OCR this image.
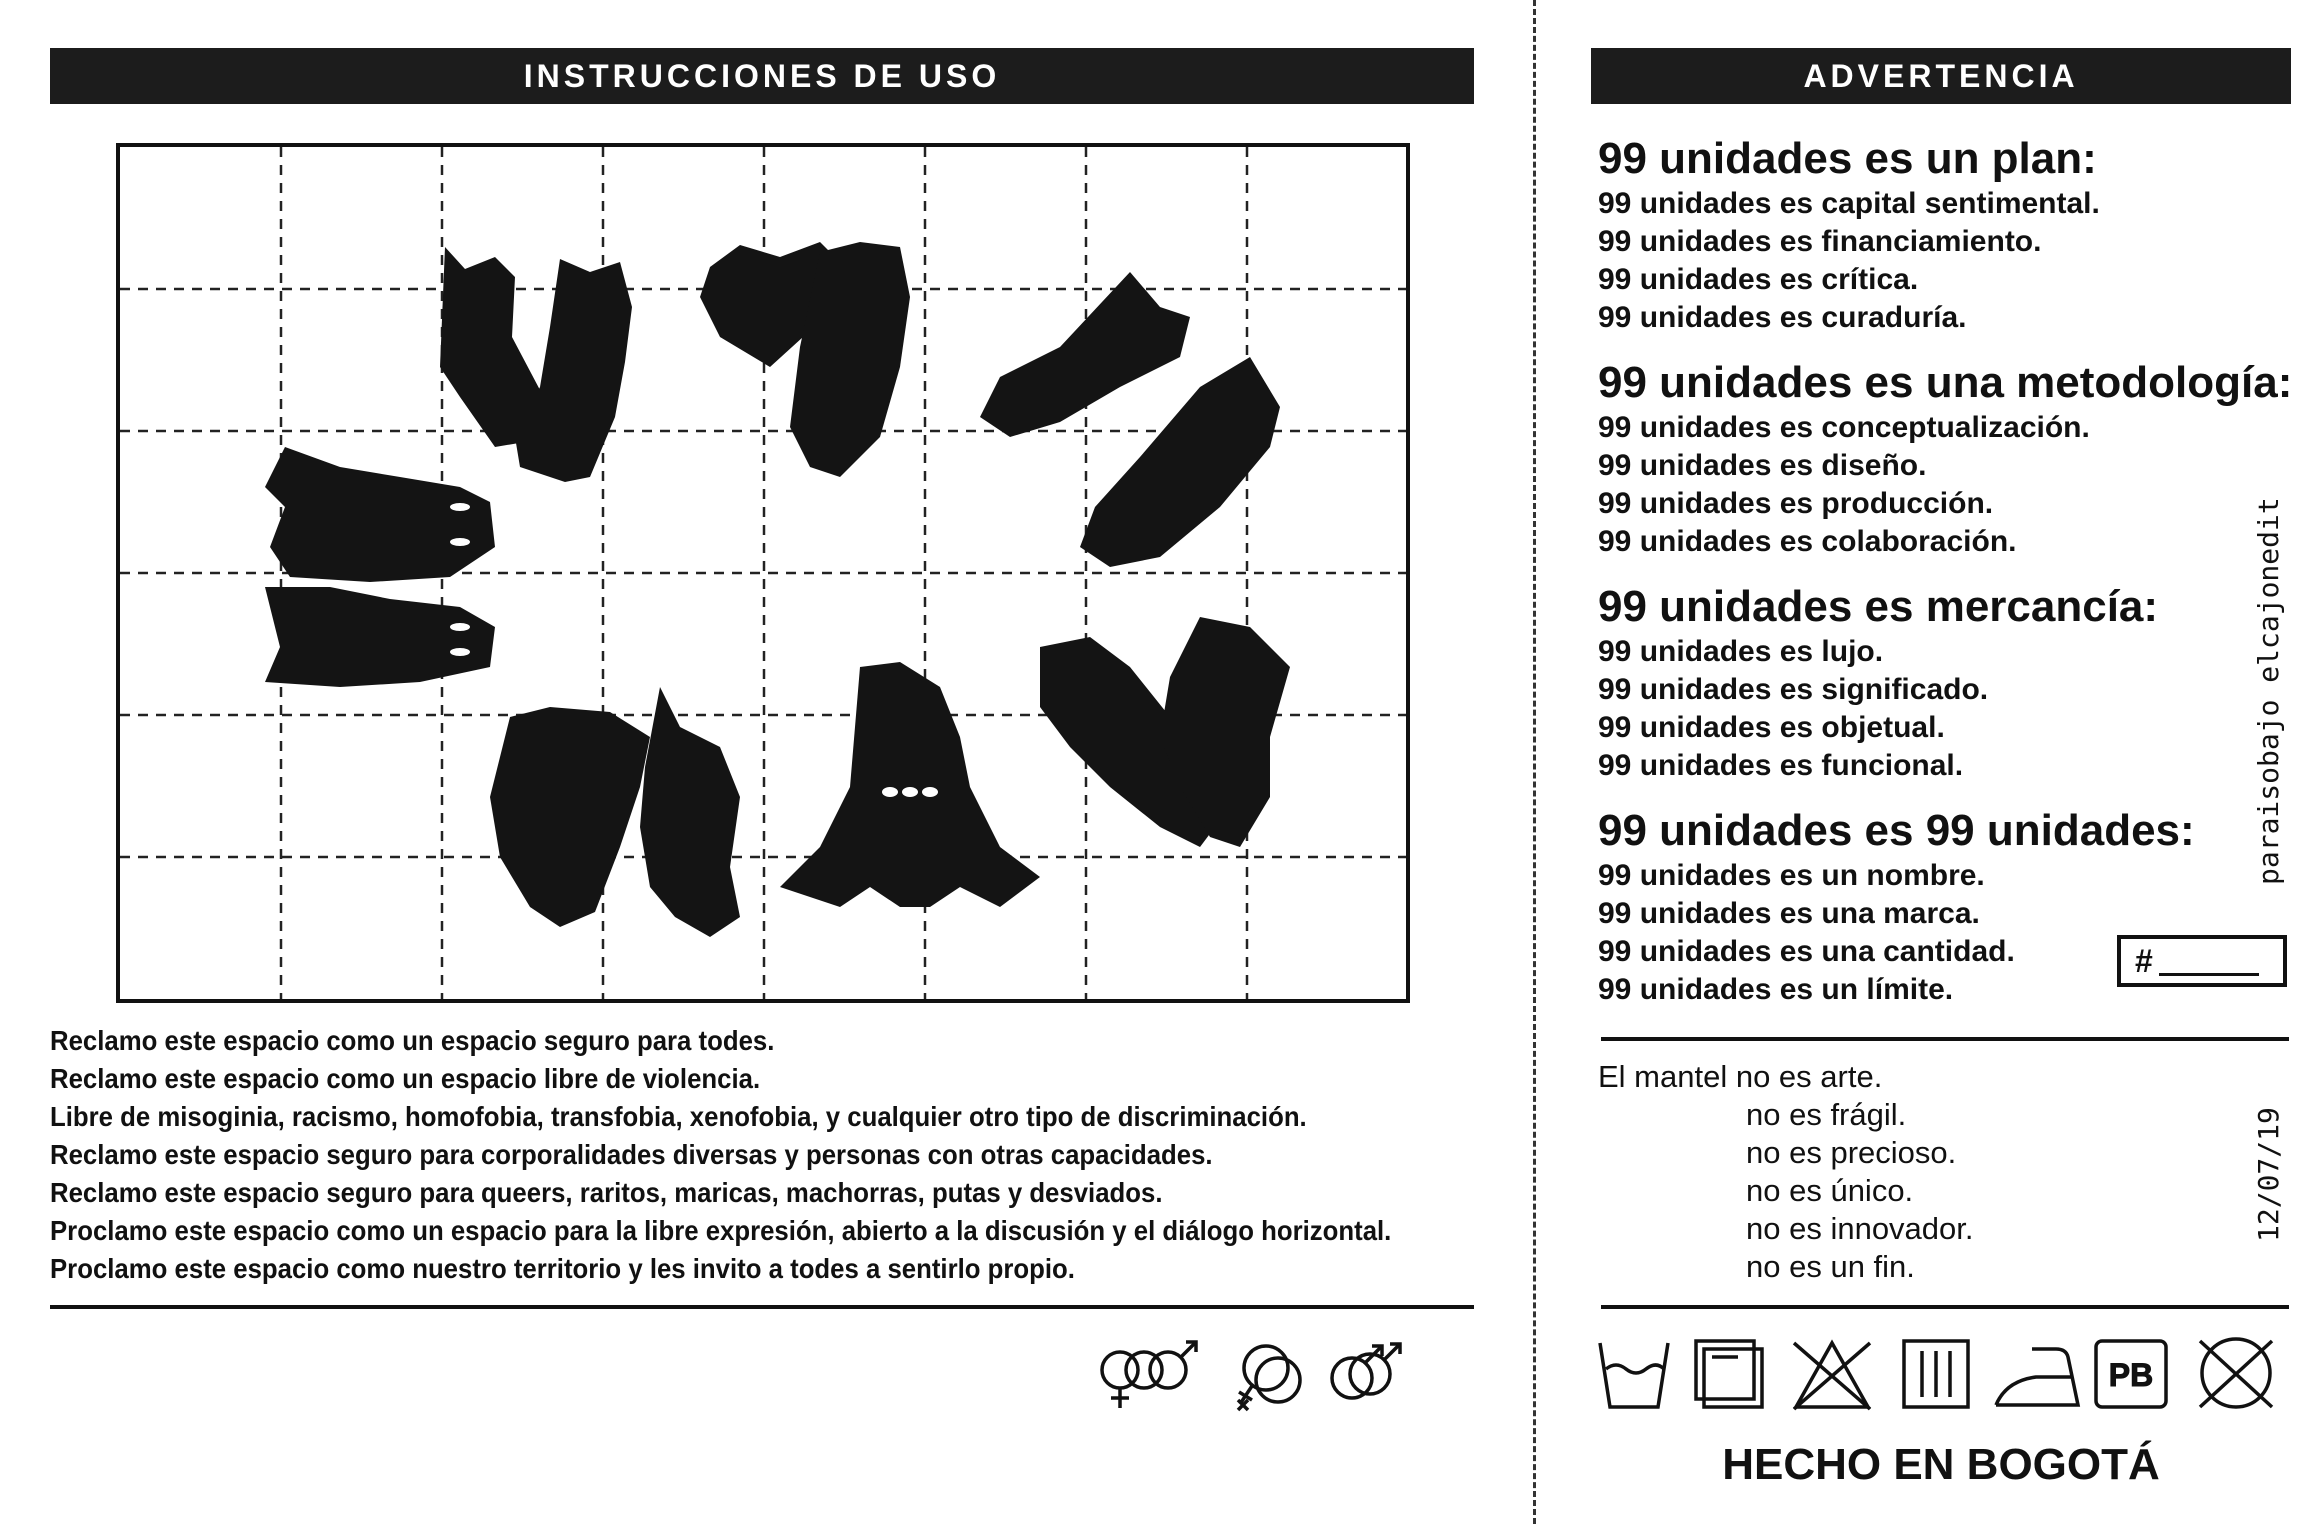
INSTRUCCIONES DE USO	ADVERTENCIA
Reclamo este espacio como un espacio seguro para todes.
Reclamo este espacio como un espacio libre de violencia.
Libre de misoginia, racismo, homofobia, transfobia, xenofobia, y cualquier otro tipo de discriminación.
Reclamo este espacio seguro para corporalidades diversas y personas con otras capacidades.
Reclamo este espacio seguro para queers, raritos, maricas, machorras, putas y desviados.
Proclamo este espacio como un espacio para la libre expresión, abierto a la discusión y el diálogo horizontal.
Proclamo este espacio como nuestro territorio y les invito a todes a sentirlo propio.
99 unidades es un plan:
99 unidades es capital sentimental.
99 unidades es financiamiento.
99 unidades es crítica.
99 unidades es curaduría.
99 unidades es una metodología:
99 unidades es conceptualización.
99 unidades es diseño.
99 unidades es producción.
99 unidades es colaboración.
99 unidades es mercancía:
99 unidades es lujo.
99 unidades es significado.
99 unidades es objetual.
99 unidades es funcional.
99 unidades es 99 unidades:
99 unidades es un nombre.
99 unidades es una marca.
99 unidades es una cantidad.
99 unidades es un límite.
paraisobajo elcajonedit
#
El mantel no es arte.
no es frágil.
no es precioso.
no es único.
no es innovador.
no es un fin.
12/07/19
PB
HECHO EN BOGOTÁ
